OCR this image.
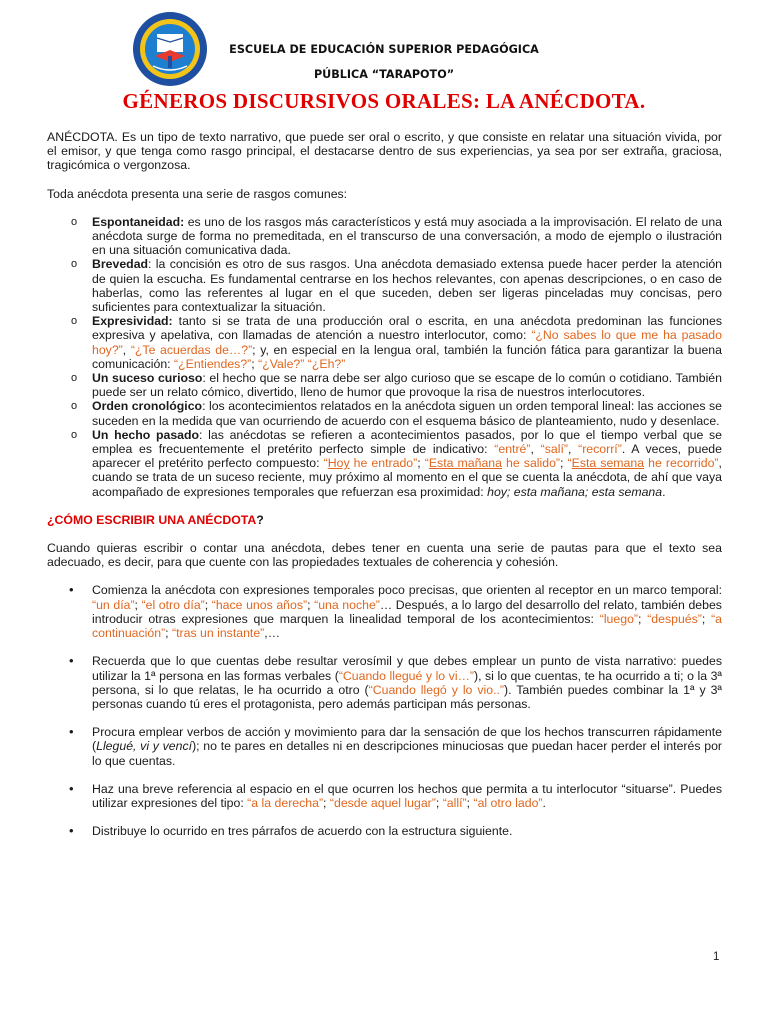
ESCUELA DE EDUCACIÓN SUPERIOR PEDAGÓGICA
PÚBLICA “TARAPOTO”
GÉNEROS DISCURSIVOS ORALES: LA ANÉCDOTA.

ANÉCDOTA. Es un tipo de texto narrativo, que puede ser oral o escrito, y que consiste en relatar una situación vivida, por el emisor, y que tenga como rasgo principal, el destacarse dentro de sus experiencias, ya sea por ser extraña, graciosa, tragicómica o vergonzosa.

Toda anécdota presenta una serie de rasgos comunes:

o Espontaneidad: es uno de los rasgos más característicos y está muy asociada a la improvisación. El relato de una anécdota surge de forma no premeditada, en el transcurso de una conversación, a modo de ejemplo o ilustración en una situación comunicativa dada.
o Brevedad: la concisión es otro de sus rasgos. Una anécdota demasiado extensa puede hacer perder la atención de quien la escucha. Es fundamental centrarse en los hechos relevantes, con apenas descripciones, o en caso de haberlas, como las referentes al lugar en el que suceden, deben ser ligeras pinceladas muy concisas, pero suficientes para contextualizar la situación.
o Expresividad: tanto si se trata de una producción oral o escrita, en una anécdota predominan las funciones expresiva y apelativa, con llamadas de atención a nuestro interlocutor, como: “¿No sabes lo que me ha pasado hoy?”, “¿Te acuerdas de…?”; y, en especial en la lengua oral, también la función fática para garantizar la buena comunicación: “¿Entiendes?”; “¿Vale?” “¿Eh?”
o Un suceso curioso: el hecho que se narra debe ser algo curioso que se escape de lo común o cotidiano. También puede ser un relato cómico, divertido, lleno de humor que provoque la risa de nuestros interlocutores.
o Orden cronológico: los acontecimientos relatados en la anécdota siguen un orden temporal lineal: las acciones se suceden en la medida que van ocurriendo de acuerdo con el esquema básico de planteamiento, nudo y desenlace.
o Un hecho pasado: las anécdotas se refieren a acontecimientos pasados, por lo que el tiempo verbal que se emplea es frecuentemente el pretérito perfecto simple de indicativo: “entré”, “salí”, “recorrí”. A veces, puede aparecer el pretérito perfecto compuesto: “Hoy he entrado”; “Esta mañana he salido”; “Esta semana he recorrido”, cuando se trata de un suceso reciente, muy próximo al momento en el que se cuenta la anécdota, de ahí que vaya acompañado de expresiones temporales que refuerzan esa proximidad: hoy; esta mañana; esta semana.

¿CÓMO ESCRIBIR UNA ANÉCDOTA?

Cuando quieras escribir o contar una anécdota, debes tener en cuenta una serie de pautas para que el texto sea adecuado, es decir, para que cuente con las propiedades textuales de coherencia y cohesión.

• Comienza la anécdota con expresiones temporales poco precisas, que orienten al receptor en un marco temporal: “un día”; “el otro día”; “hace unos años”; “una noche”… Después, a lo largo del desarrollo del relato, también debes introducir otras expresiones que marquen la linealidad temporal de los acontecimientos: “luego”; “después”; “a continuación”; “tras un instante”,…
• Recuerda que lo que cuentas debe resultar verosímil y que debes emplear un punto de vista narrativo: puedes utilizar la 1ª persona en las formas verbales (“Cuando llegué y lo vi…”), si lo que cuentas, te ha ocurrido a ti; o la 3ª persona, si lo que relatas, le ha ocurrido a otro (“Cuando llegó y lo vio..”). También puedes combinar la 1ª y 3ª personas cuando tú eres el protagonista, pero además participan más personas.
• Procura emplear verbos de acción y movimiento para dar la sensación de que los hechos transcurren rápidamente (Llegué, vi y vencí); no te pares en detalles ni en descripciones minuciosas que puedan hacer perder el interés por lo que cuentas.
• Haz una breve referencia al espacio en el que ocurren los hechos que permita a tu interlocutor “situarse”. Puedes utilizar expresiones del tipo: “a la derecha”; “desde aquel lugar”; “allí”; “al otro lado”.
• Distribuye lo ocurrido en tres párrafos de acuerdo con la estructura siguiente.
1
